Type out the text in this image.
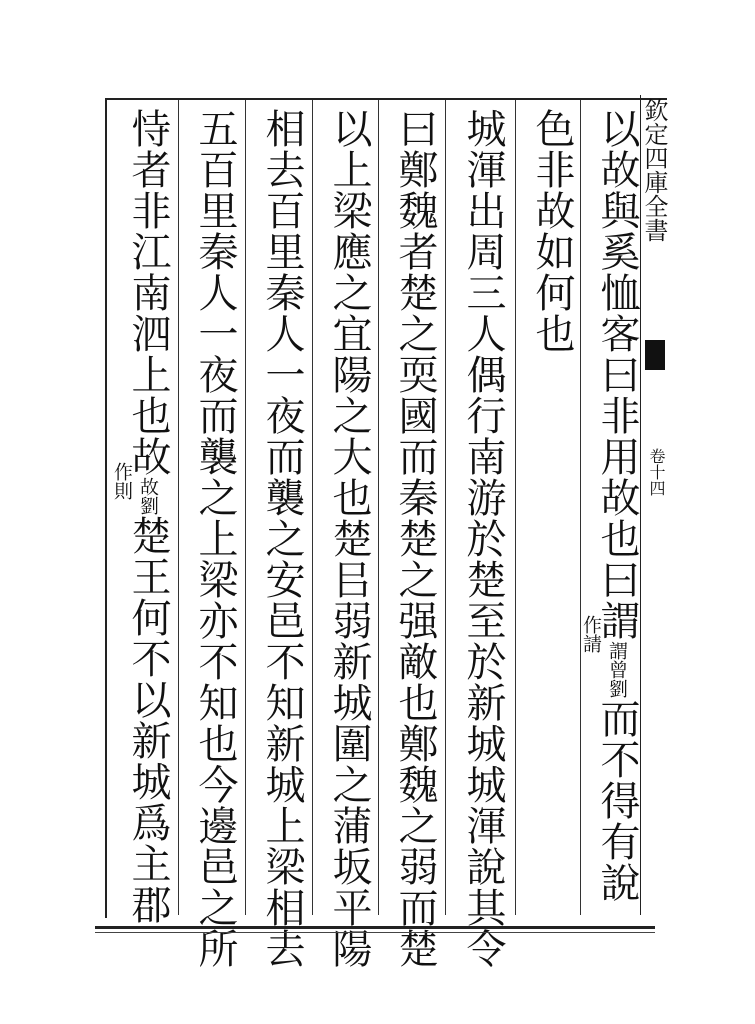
欽定四庫全書
卷十四
以故與奚恤客曰非用故也曰謂謂曾劉而不得有說
作請
色非故如何也
城渾出周三人偶行南游於楚至於新城城渾說其令
曰鄭魏者楚之耎國而秦楚之强敵也鄭魏之弱而楚
以上梁應之宜陽之大也楚㠯弱新城圍之蒲坂平陽
相去百里秦人一夜而襲之安邑不知新城上梁相去
五百里秦人一夜而襲之上梁亦不知也今邊邑之所
恃者非江南泗上也故故劉楚王何不以新城爲主郡
作則
